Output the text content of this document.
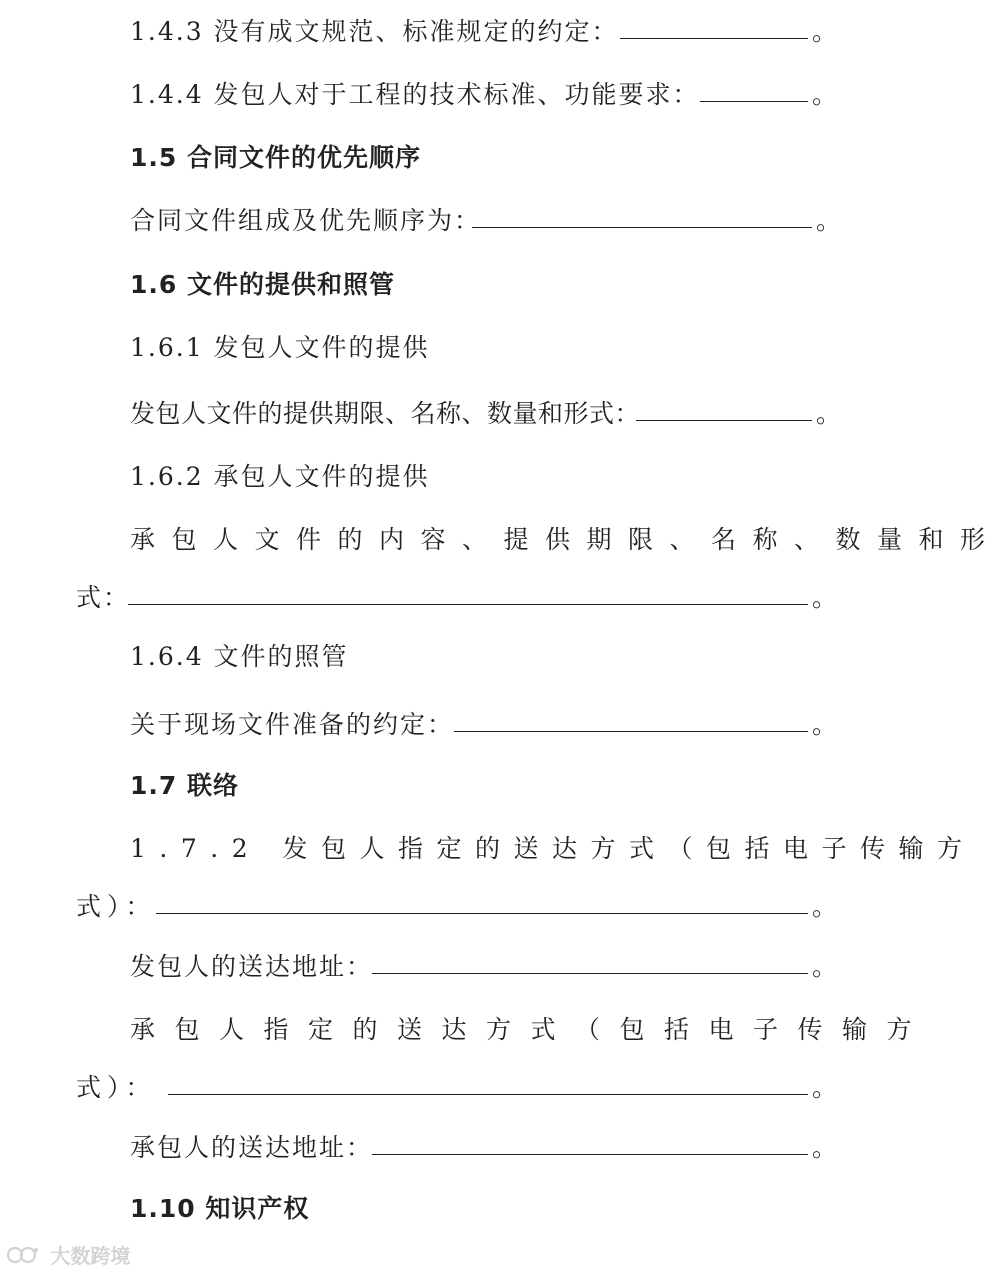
1.4.3 没有成文规范、标准规定的约定：	。
1.4.4 发包人对于工程的技术标准、功能要求：	。
1.5 合同文件的优先顺序
合同文件组成及优先顺序为：	。
1.6 文件的提供和照管
1.6.1 发包人文件的提供
发包人文件的提供期限、名称、数量和形式：	。
1.6.2 承包人文件的提供
承包人文件的内容、提供期限、名称、数量和形
式：	。
1.6.4 文件的照管
关于现场文件准备的约定：	。
1.7 联络
1.7.2 发包人指定的送达方式（包括电子传输方
式）：	。
发包人的送达地址：	。
承包人指定的送达方式（包括电子传输方
式）：	。
承包人的送达地址：	。
1.10 知识产权
大数跨境
